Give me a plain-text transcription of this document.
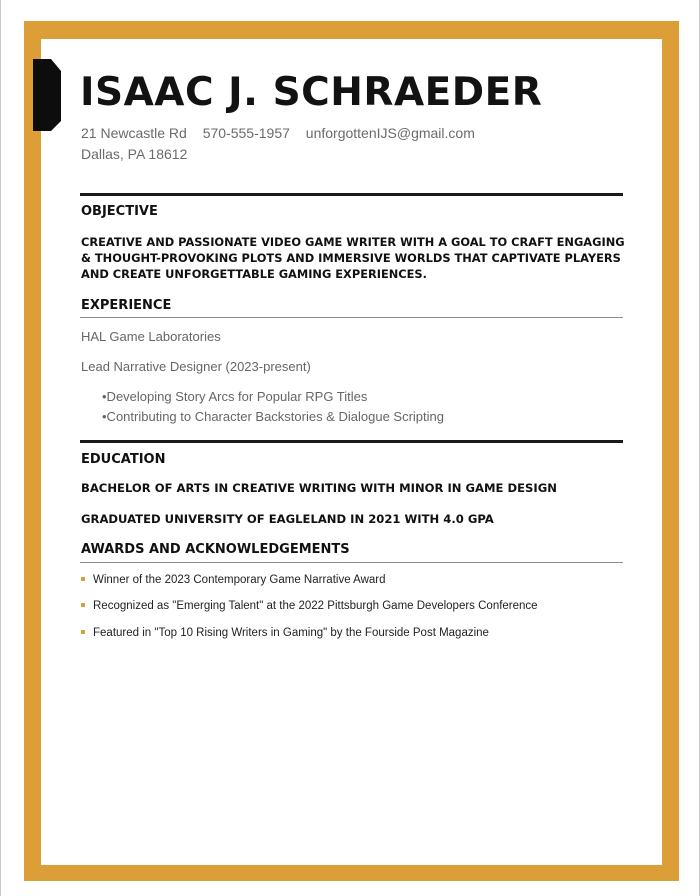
ISAAC J. SCHRAEDER
21 Newcastle Rd 570-555-1957 unforgottenIJS@gmail.com
Dallas, PA 18612
OBJECTIVE
CREATIVE AND PASSIONATE VIDEO GAME WRITER WITH A GOAL TO CRAFT ENGAGING & THOUGHT-PROVOKING PLOTS AND IMMERSIVE WORLDS THAT CAPTIVATE PLAYERS AND CREATE UNFORGETTABLE GAMING EXPERIENCES.
EXPERIENCE
HAL Game Laboratories
Lead Narrative Designer (2023-present)
•Developing Story Arcs for Popular RPG Titles
•Contributing to Character Backstories & Dialogue Scripting
EDUCATION
BACHELOR OF ARTS IN CREATIVE WRITING WITH MINOR IN GAME DESIGN
GRADUATED UNIVERSITY OF EAGLELAND IN 2021 WITH 4.0 GPA
AWARDS AND ACKNOWLEDGEMENTS
Winner of the 2023 Contemporary Game Narrative Award
Recognized as "Emerging Talent" at the 2022 Pittsburgh Game Developers Conference
Featured in "Top 10 Rising Writers in Gaming" by the Fourside Post Magazine
